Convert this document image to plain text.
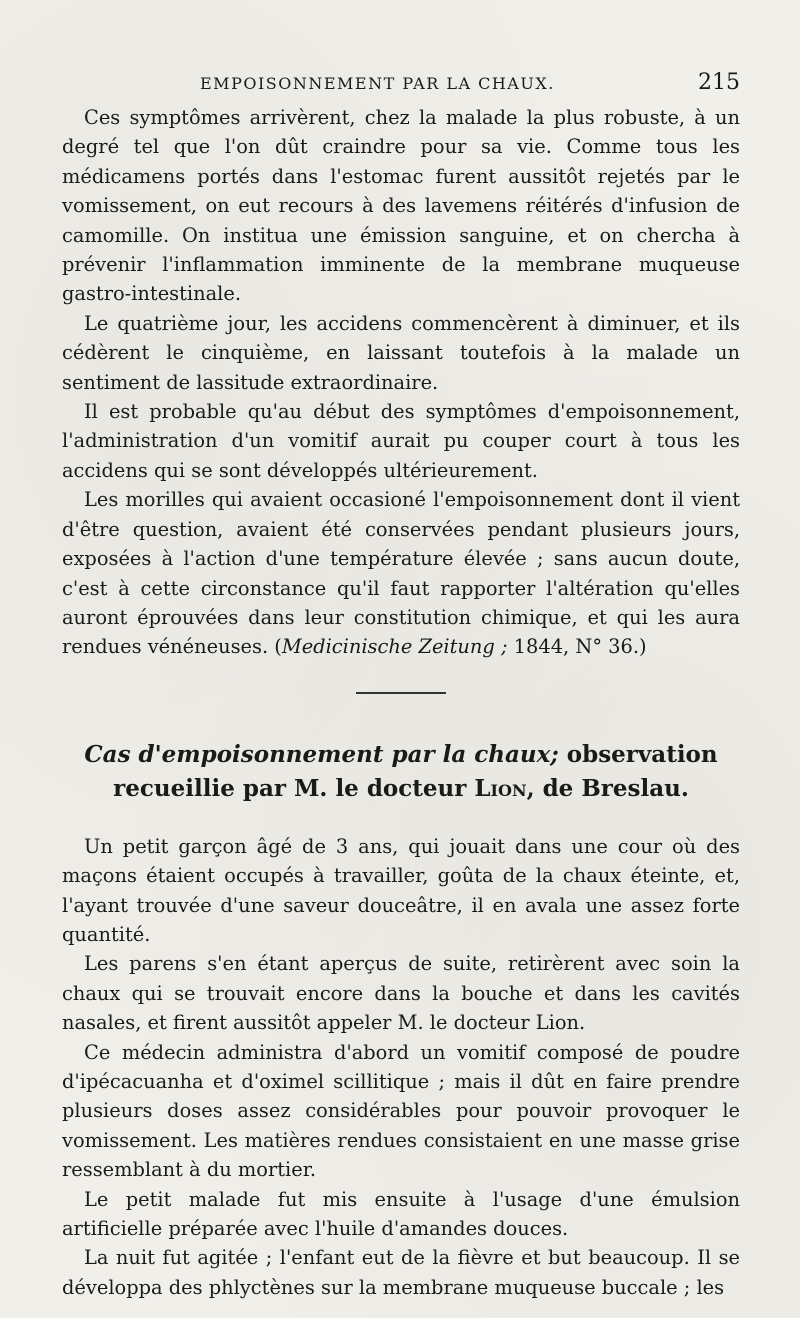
EMPOISONNEMENT PAR LA CHAUX.	215

Ces symptômes arrivèrent, chez la malade la plus robuste, à un degré tel que l'on dût craindre pour sa vie. Comme tous les médicamens portés dans l'estomac furent aussitôt rejetés par le vomissement, on eut recours à des lavemens réitérés d'infusion de camomille. On institua une émission sanguine, et on chercha à prévenir l'inflammation imminente de la membrane muqueuse gastro-intestinale.

Le quatrième jour, les accidens commencèrent à diminuer, et ils cédèrent le cinquième, en laissant toutefois à la malade un sentiment de lassitude extraordinaire.

Il est probable qu'au début des symptômes d'empoisonnement, l'administration d'un vomitif aurait pu couper court à tous les accidens qui se sont développés ultérieurement.

Les morilles qui avaient occasioné l'empoisonnement dont il vient d'être question, avaient été conservées pendant plusieurs jours, exposées à l'action d'une température élevée ; sans aucun doute, c'est à cette circonstance qu'il faut rapporter l'altération qu'elles auront éprouvées dans leur constitution chimique, et qui les aura rendues vénéneuses. (Medicinische Zeitung ; 1844, N° 36.)

Cas d'empoisonnement par la chaux; observation recueillie par M. le docteur Lion, de Breslau.

Un petit garçon âgé de 3 ans, qui jouait dans une cour où des maçons étaient occupés à travailler, goûta de la chaux éteinte, et, l'ayant trouvée d'une saveur douceâtre, il en avala une assez forte quantité.

Les parens s'en étant aperçus de suite, retirèrent avec soin la chaux qui se trouvait encore dans la bouche et dans les cavités nasales, et firent aussitôt appeler M. le docteur Lion.

Ce médecin administra d'abord un vomitif composé de poudre d'ipécacuanha et d'oximel scillitique ; mais il dût en faire prendre plusieurs doses assez considérables pour pouvoir provoquer le vomissement. Les matières rendues consistaient en une masse grise ressemblant à du mortier.

Le petit malade fut mis ensuite à l'usage d'une émulsion artificielle préparée avec l'huile d'amandes douces.

La nuit fut agitée ; l'enfant eut de la fièvre et but beaucoup. Il se développa des phlyctènes sur la membrane muqueuse buccale ; les
